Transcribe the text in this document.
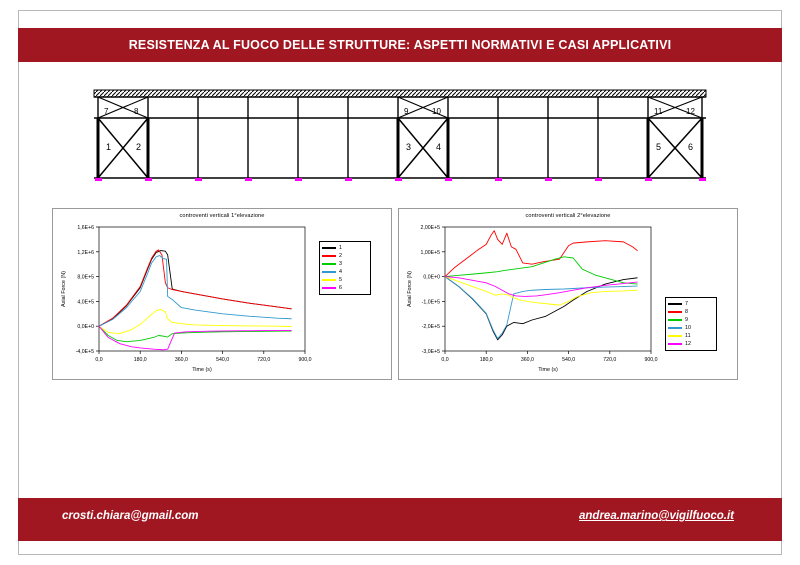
RESISTENZA AL FUOCO DELLE STRUTTURE: ASPETTI NORMATIVI E CASI APPLICATIVI
7	8	9	10	11	12
1	2	3	4	5	6
controventi verticali 1°elevazione
-4,0E+5
0,0E+0
4,0E+5
8,0E+5
1,2E+6
1,6E+6
0,0	180,0	360,0	540,0	720,0	900,0
Time (s)
Axial Force (N)
1
2
3
4
5
6
controventi verticali 2°elevazione
-3,0E+5
-2,0E+5
-1,0E+5
0,0E+0
1,00E+5
2,00E+5
0,0	180,0	360,0	540,0	720,0	900,0
Time (s)
Axial Force (N)	7
8
9
10
11
12
crosti.chiara@gmail.com	andrea.marino@vigilfuoco.it
